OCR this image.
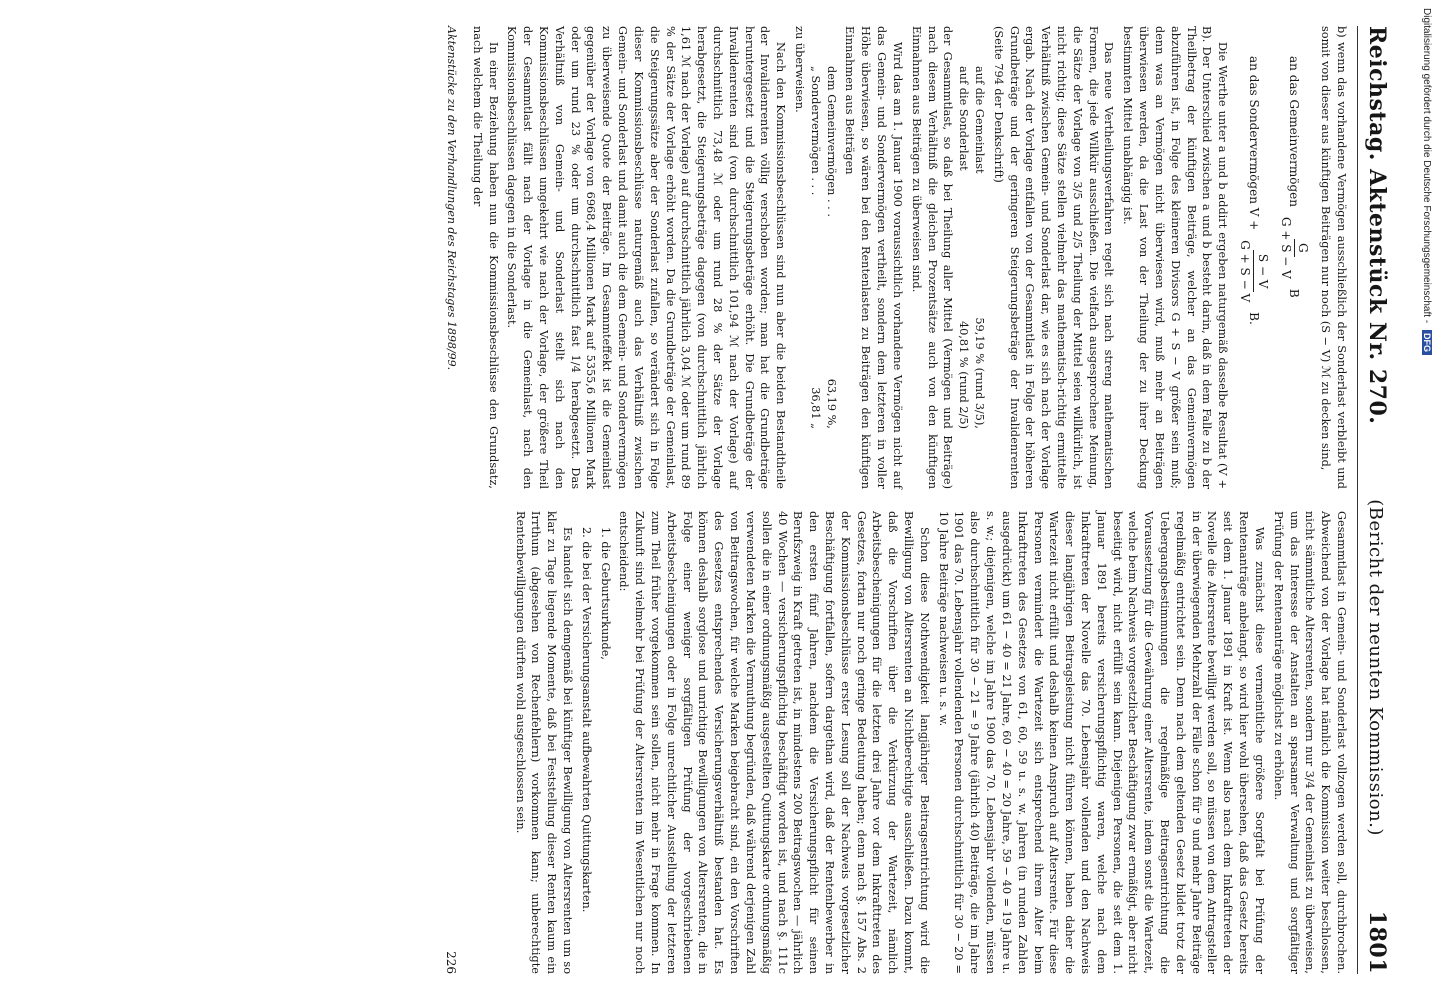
Digitalisierung gefördert durch die Deutsche Forschungsgemeinschaft - DFG
Reichstag. Aktenstück Nr. 270.
(Bericht der neunten Kommission.)
1801

b) wenn das vorhandene Vermögen ausschließlich der Sonderlast verbleibt und somit von dieser aus künftigen Beiträgen nur noch (S − V) ℳ zu decken sind,

an das Gemeinvermögen
G
G + S − V
B
an das Sondervermögen V +
S − V
G + S − V
B.

Die Werthe unter a und b addirt ergeben naturgemäß dasselbe Resultat (V + B). Der Unterschied zwischen a und b besteht darin, daß in dem Falle zu b der Theilbetrag der künftigen Beiträge, welcher an das Gemeinvermögen abzuführen ist, in Folge des kleineren Divisors G + S − V größer sein muß; denn was an Vermögen nicht überwiesen wird, muß mehr an Beiträgen überwiesen werden, da die Last von der Theilung der zu ihrer Deckung bestimmten Mittel unabhängig ist.

Das neue Vertheilungsverfahren regelt sich nach streng mathematischen Formen, die jede Willkür ausschließen. Die vielfach ausgesprochene Meinung, die Sätze der Vorlage von 3/5 und 2/5 Theilung der Mittel seien willkürlich, ist nicht richtig; diese Sätze stellen vielmehr das mathematisch-richtig ermittelte Verhältniß zwischen Gemein- und Sonderlast dar, wie es sich nach der Vorlage ergab. Nach der Vorlage entfallen von der Gesammtlast in Folge der höheren Grundbeträge und der geringeren Steigerungsbeträge der Invalidenrenten (Seite 794 der Denkschrift)

auf die Gemeinlast
59,19 % (rund 3/5),
auf die Sonderlast
40,81 % (rund 2/5)

der Gesammtlast, so daß bei Theilung aller Mittel (Vermögen und Beiträge) nach diesem Verhältniß die gleichen Prozentsätze auch von den künftigen Einnahmen aus Beiträgen zu überweisen sind.

Wird das am 1. Januar 1900 voraussichtlich vorhandene Vermögen nicht auf das Gemein- und Sondervermögen vertheilt, sondern dem letzteren in voller Höhe überwiesen, so wären bei den Rentenlasten zu Beiträgen den künftigen Einnahmen aus Beiträgen

dem Gemeinvermögen . . .
63,19 %,
„ Sondervermögen . . .
36,81 „

zu überweisen.

Nach den Kommissionsbeschlüssen sind nun aber die beiden Bestandtheile der Invalidenrenten völlig verschoben worden; man hat die Grundbeträge heruntergesetzt und die Steigerungsbeträge erhöht. Die Grundbeträge der Invalidenrenten sind (von durchschnittlich 101,94 ℳ nach der Vorlage) auf durchschnittlich 73,48 ℳ oder um rund 28 % der Sätze der Vorlage herabgesetzt, die Steigerungsbeträge dagegen (von durchschnittlich jährlich 1,61 ℳ nach der Vorlage) auf durchschnittlich jährlich 3,04 ℳ oder um rund 89 % der Sätze der Vorlage erhöht worden. Da die Grundbeträge der Gemeinlast, die Steigerungssätze aber der Sonderlast zufallen, so verändert sich in Folge dieser Kommissionsbeschlüsse naturgemäß auch das Verhältniß zwischen Gemein- und Sonderlast und damit auch die dem Gemein- und Sondervermögen zu überweisende Quote der Beiträge. Im Gesammteffekt ist die Gemeinlast gegenüber der Vorlage von 6968,4 Millionen Mark auf 5355,6 Millionen Mark oder um rund 23 % oder um durchschnittlich fast 1/4 herabgesetzt. Das Verhältniß von Gemein- und Sonderlast stellt sich nach den Kommissionsbeschlüssen umgekehrt wie nach der Vorlage, der größere Theil der Gesammtlast fällt nach der Vorlage in die Gemeinlast, nach den Kommissionsbeschlüssen dagegen in die Sonderlast.

In einer Beziehung haben nun die Kommissionsbeschlüsse den Grundsatz, nach welchem die Theilung der

Gesammtlast in Gemein- und Sonderlast vollzogen werden soll, durchbrochen. Abweichend von der Vorlage hat nämlich die Kommission weiter beschlossen, nicht sämmtliche Altersrenten, sondern nur 3/4 der Gemeinlast zu überweisen, um das Interesse der Anstalten an sparsamer Verwaltung und sorgfältiger Prüfung der Rentenanträge möglichst zu erhöhen.

Was zunächst diese vermeintliche größere Sorgfalt bei Prüfung der Rentenanträge anbelangt, so wird hier wohl übersehen, daß das Gesetz bereits seit dem 1. Januar 1891 in Kraft ist. Wenn also nach dem Inkrafttreten der Novelle die Altersrente bewilligt werden soll, so müssen von dem Antragsteller in der überwiegenden Mehrzahl der Fälle schon für 9 und mehr Jahre Beiträge regelmäßig entrichtet sein. Denn nach dem geltenden Gesetz bildet trotz der Uebergangsbestimmungen die regelmäßige Beitragsentrichtung die Voraussetzung für die Gewährung einer Altersrente, indem sonst die Wartezeit, welche beim Nachweis vorgesetzlicher Beschäftigung zwar ermäßigt, aber nicht beseitigt wird, nicht erfüllt sein kann. Diejenigen Personen, die seit dem 1. Januar 1891 bereits versicherungspflichtig waren, welche nach dem Inkrafttreten der Novelle das 70. Lebensjahr vollenden und den Nachweis dieser langjährigen Beitragsleistung nicht führen können, haben daher die Wartezeit nicht erfüllt und deshalb keinen Anspruch auf Altersrente. Für diese Personen vermindert die Wartezeit sich entsprechend ihrem Alter beim Inkrafttreten des Gesetzes von 61, 60, 59 u. s. w. Jahren (in runden Zahlen ausgedrückt) um 61 − 40 = 21 Jahre, 60 − 40 = 20 Jahre, 59 − 40 = 19 Jahre u. s. w.; diejenigen, welche im Jahre 1900 das 70. Lebensjahr vollenden, müssen also durchschnittlich für 30 − 21 = 9 Jahre (jährlich 40) Beiträge, die im Jahre 1901 das 70. Lebensjahr vollendenden Personen durchschnittlich für 30 − 20 = 10 Jahre Beiträge nachweisen u. s. w.

Schon diese Nothwendigkeit langjähriger Beitragsentrichtung wird die Bewilligung von Altersrenten an Nichtberechtigte ausschließen. Dazu kommt, daß die Vorschriften über die Verkürzung der Wartezeit, nämlich Arbeitsbescheinigungen für die letzten drei Jahre vor dem Inkrafttreten des Gesetzes, fortan nur noch geringe Bedeutung haben; denn nach §. 157 Abs. 2 der Kommissionsbeschlüsse erster Lesung soll der Nachweis vorgesetzlicher Beschäftigung fortfallen, sofern dargethan wird, daß der Rentenbewerber in den ersten fünf Jahren, nachdem die Versicherungspflicht für seinen Berufszweig in Kraft getreten ist, in mindestens 200 Beitragswochen — jährlich 40 Wochen — versicherungspflichtig beschäftigt worden ist, und nach §. 111c sollen die in einer ordnungsmäßig ausgestellten Quittungskarte ordnungsmäßig verwendeten Marken die Vermuthung begründen, daß während derjenigen Zahl von Beitragswochen, für welche Marken beigebracht sind, ein den Vorschriften des Gesetzes entsprechendes Versicherungsverhältniß bestanden hat. Es können deshalb sorglose und unrichtige Bewilligungen von Altersrenten, die in Folge einer weniger sorgfältigen Prüfung der vorgeschriebenen Arbeitsbescheinigungen oder in Folge unrechtlicher Ausstellung der letzteren zum Theil früher vorgekommen sein sollen, nicht mehr in Frage kommen. In Zukunft sind vielmehr bei Prüfung der Altersrenten im Wesentlichen nur noch entscheidend:

1. die Geburtsurkunde,

2. die bei der Versicherungsanstalt aufbewahrten Quittungskarten.

Es handelt sich demgemäß bei künftiger Bewilligung von Altersrenten um so klar zu Tage liegende Momente, daß bei Feststellung dieser Renten kaum ein Irrthum (abgesehen von Rechenfehlern) vorkommen kann; unberechtigte Rentenbewilligungen dürften wohl ausgeschlossen sein.

Aktenstücke zu den Verhandlungen des Reichstages 1898/99.
226
